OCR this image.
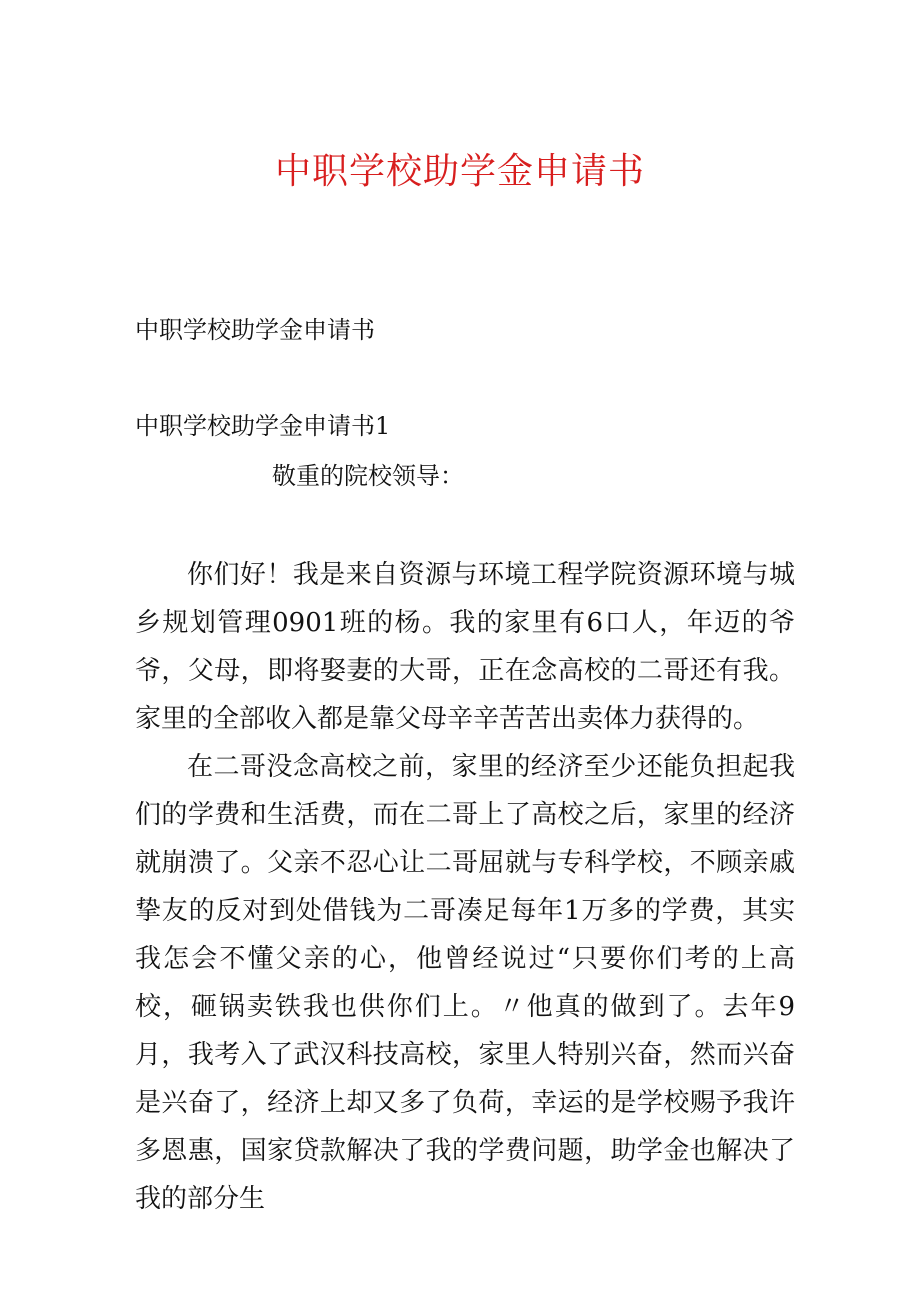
中职学校助学金申请书
中职学校助学金申请书
中职学校助学金申请书1
敬重的院校领导：

你们好！我是来自资源与环境工程学院资源环境与城乡规划管理0901班的杨。我的家里有6口人，年迈的爷爷，父母，即将娶妻的大哥，正在念高校的二哥还有我。家里的全部收入都是靠父母辛辛苦苦出卖体力获得的。

在二哥没念高校之前，家里的经济至少还能负担起我们的学费和生活费，而在二哥上了高校之后，家里的经济就崩溃了。父亲不忍心让二哥屈就与专科学校，不顾亲戚挚友的反对到处借钱为二哥凑足每年1万多的学费，其实我怎会不懂父亲的心，他曾经说过“只要你们考的上高校，砸锅卖铁我也供你们上。〃他真的做到了。去年9月，我考入了武汉科技高校，家里人特别兴奋，然而兴奋是兴奋了，经济上却又多了负荷，幸运的是学校赐予我许多恩惠，国家贷款解决了我的学费问题，助学金也解决了我的部分生
